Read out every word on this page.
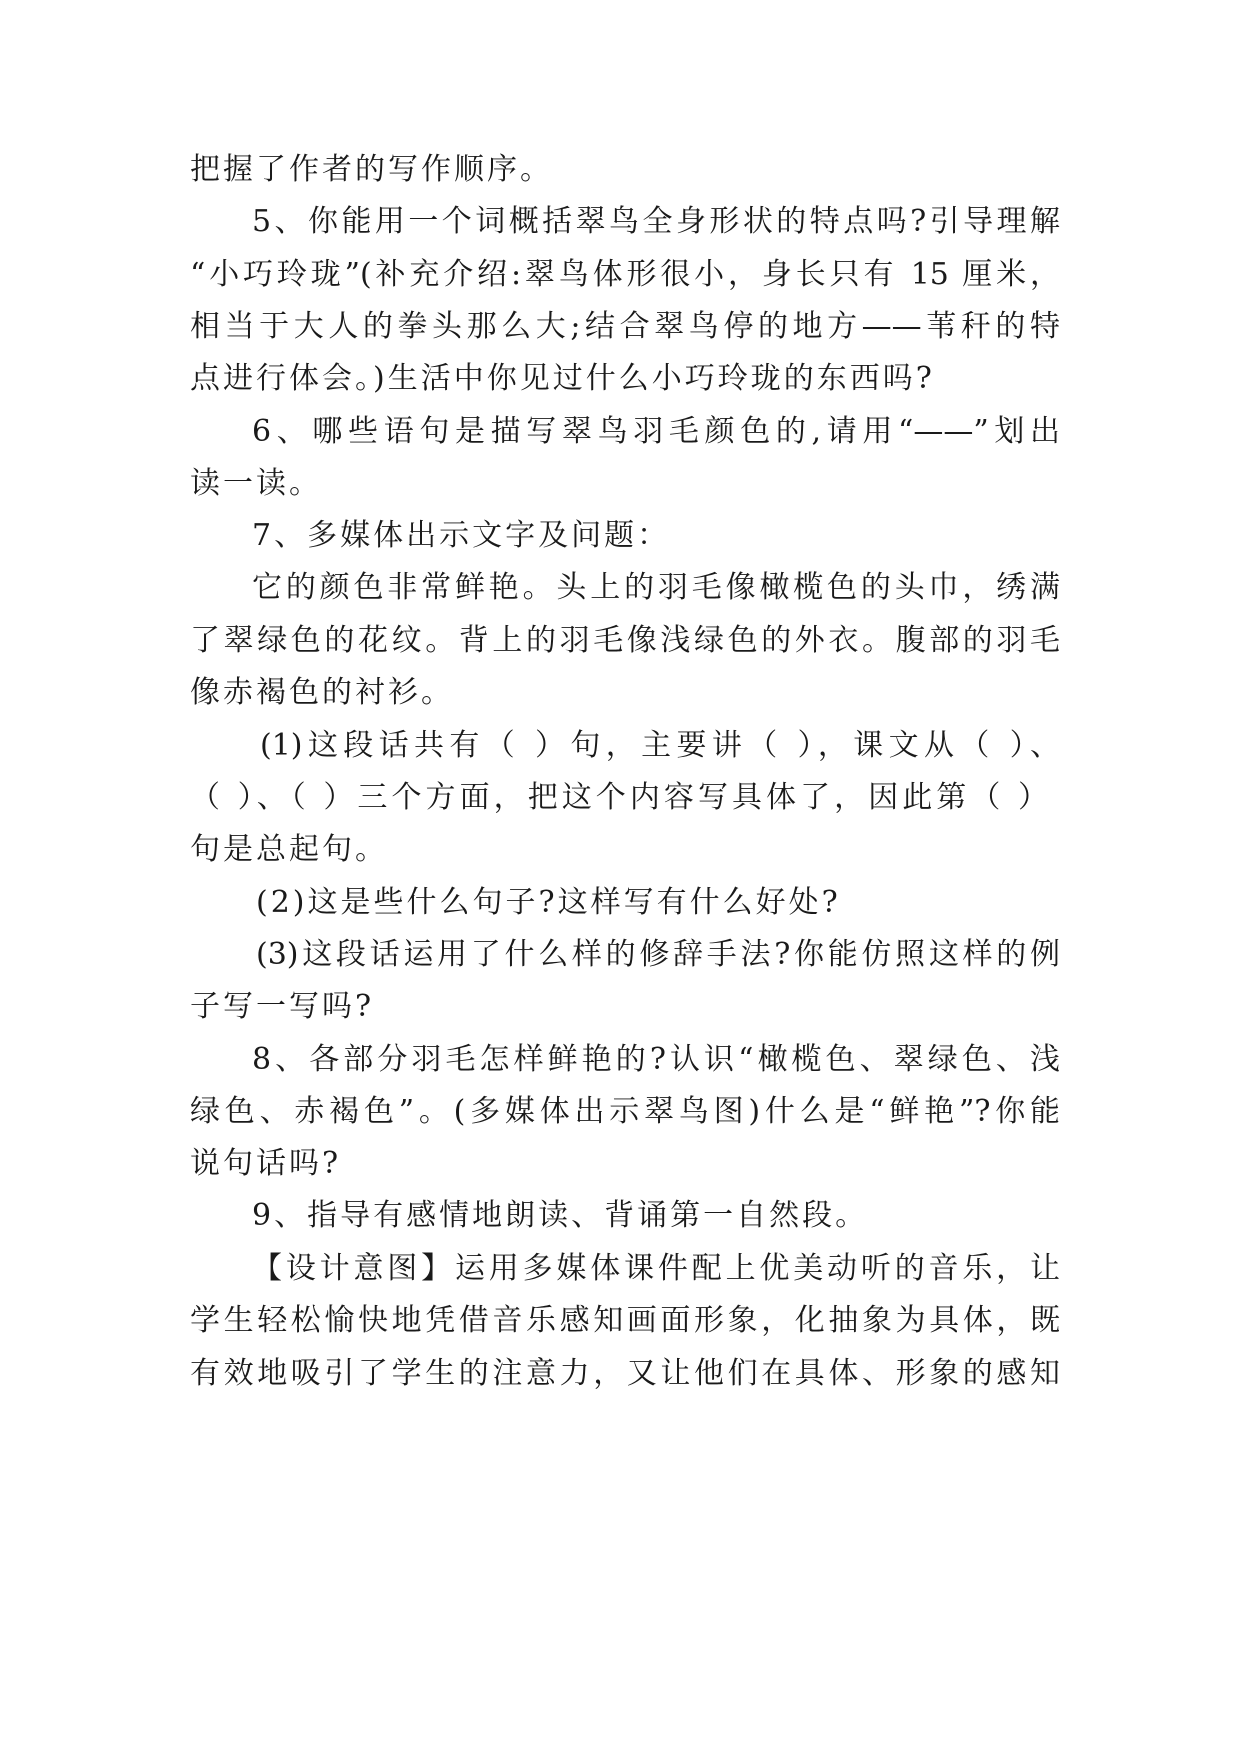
把握了作者的写作顺序。
5、你能用一个词概括翠鸟全身形状的特点吗?引导理解
“小巧玲珑”(补充介绍:翠鸟体形很小，身长只有 15 厘米，
相当于大人的拳头那么大;结合翠鸟停的地方——苇秆的特
点进行体会。)生活中你见过什么小巧玲珑的东西吗?
6、哪些语句是描写翠鸟羽毛颜色的,请用“——”划出
读一读。
7、多媒体出示文字及问题：
它的颜色非常鲜艳。头上的羽毛像橄榄色的头巾，绣满
了翠绿色的花纹。背上的羽毛像浅绿色的外衣。腹部的羽毛
像赤褐色的衬衫。
(1)这段话共有（ ）句，主要讲（ ），课文从（ ）、
（ ）、（ ）三个方面，把这个内容写具体了，因此第（ ）
句是总起句。
(2)这是些什么句子?这样写有什么好处?
(3)这段话运用了什么样的修辞手法?你能仿照这样的例
子写一写吗?
8、各部分羽毛怎样鲜艳的?认识“橄榄色、翠绿色、浅
绿色、赤褐色”。(多媒体出示翠鸟图)什么是“鲜艳”?你能
说句话吗?
9、指导有感情地朗读、背诵第一自然段。
【设计意图】运用多媒体课件配上优美动听的音乐，让
学生轻松愉快地凭借音乐感知画面形象，化抽象为具体，既
有效地吸引了学生的注意力，又让他们在具体、形象的感知
